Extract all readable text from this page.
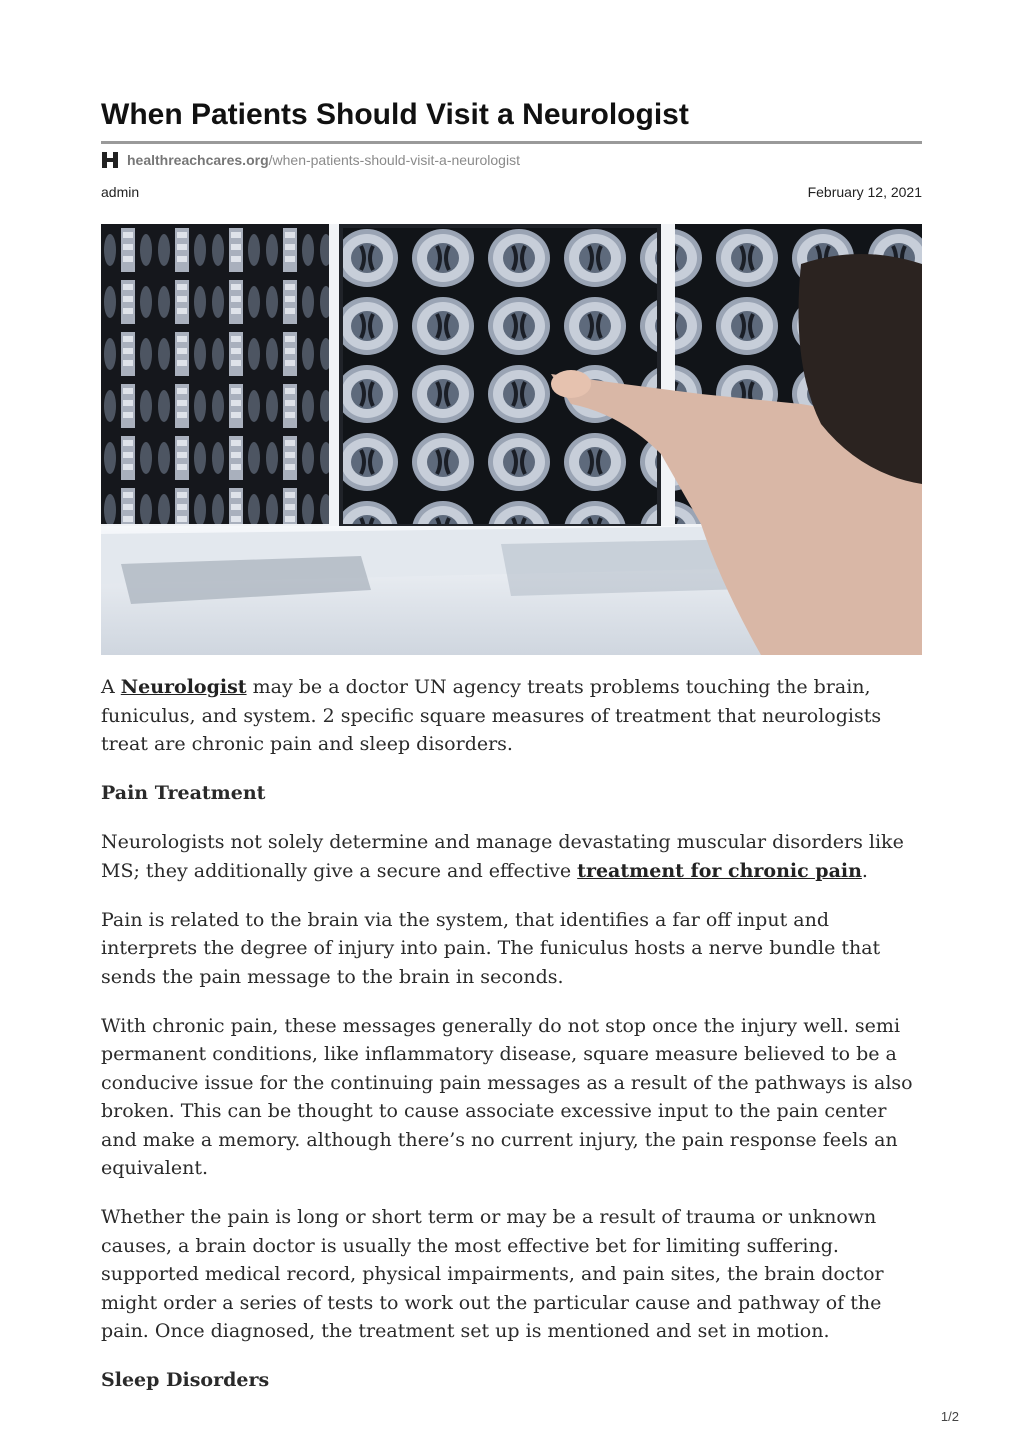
When Patients Should Visit a Neurologist
healthreachcares.org /when-patients-should-visit-a-neurologist
admin	February 12, 2021

A Neurologist may be a doctor UN agency treats problems touching the brain, funiculus, and system. 2 specific square measures of treatment that neurologists treat are chronic pain and sleep disorders.

Pain Treatment

Neurologists not solely determine and manage devastating muscular disorders like MS; they additionally give a secure and effective treatment for chronic pain.

Pain is related to the brain via the system, that identifies a far off input and interprets the degree of injury into pain. The funiculus hosts a nerve bundle that sends the pain message to the brain in seconds.

With chronic pain, these messages generally do not stop once the injury well. semi permanent conditions, like inflammatory disease, square measure believed to be a conducive issue for the continuing pain messages as a result of the pathways is also broken. This can be thought to cause associate excessive input to the pain center and make a memory. although there’s no current injury, the pain response feels an equivalent.

Whether the pain is long or short term or may be a result of trauma or unknown causes, a brain doctor is usually the most effective bet for limiting suffering. supported medical record, physical impairments, and pain sites, the brain doctor might order a series of tests to work out the particular cause and pathway of the pain. Once diagnosed, the treatment set up is mentioned and set in motion.

Sleep Disorders
1/2
